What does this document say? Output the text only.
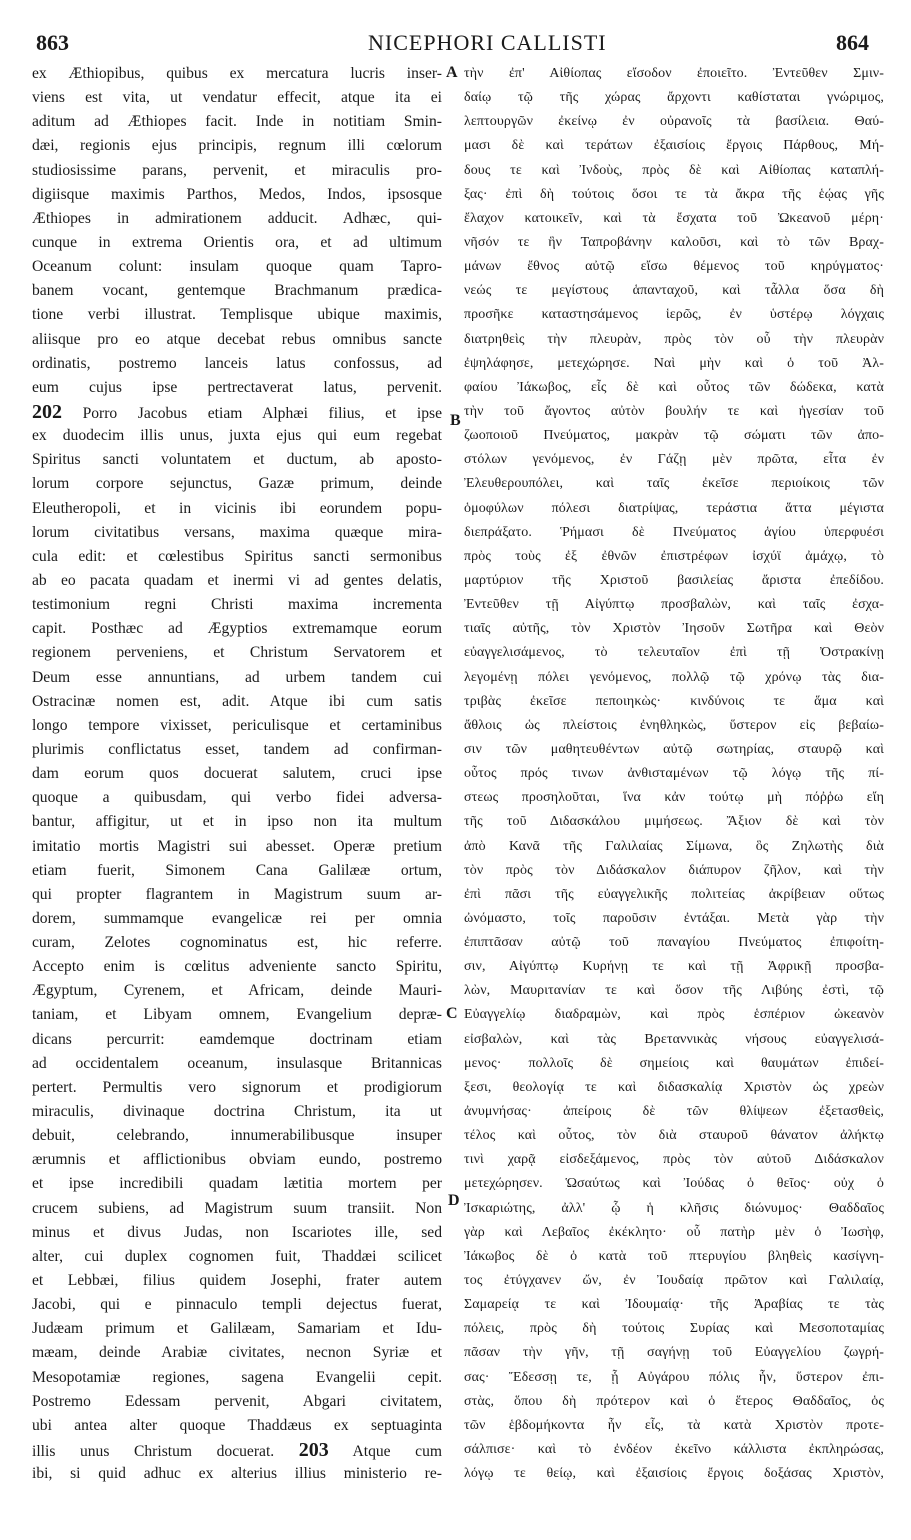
863	NICEPHORI CALLISTI	864
A
B
C
D
ex Æthiopibus, quibus ex mercatura lucris inser-
viens est vita, ut vendatur effecit, atque ita ei
aditum ad Æthiopes facit. Inde in notitiam Smin-
dæi, regionis ejus principis, regnum illi cœlorum
studiosissime parans, pervenit, et miraculis pro-
digiisque maximis Parthos, Medos, Indos, ipsosque
Æthiopes in admirationem adducit. Adhæc, qui-
cunque in extrema Orientis ora, et ad ultimum
Oceanum colunt: insulam quoque quam Tapro-
banem vocant, gentemque Brachmanum prædica-
tione verbi illustrat. Templisque ubique maximis,
aliisque pro eo atque decebat rebus omnibus sancte
ordinatis, postremo lanceis latus confossus, ad
eum cujus ipse pertrectaverat latus, pervenit.
202 Porro Jacobus etiam Alphæi filius, et ipse
ex duodecim illis unus, juxta ejus qui eum regebat
Spiritus sancti voluntatem et ductum, ab aposto-
lorum corpore sejunctus, Gazæ primum, deinde
Eleutheropoli, et in vicinis ibi eorundem popu-
lorum civitatibus versans, maxima quæque mira-
cula edit: et cœlestibus Spiritus sancti sermonibus
ab eo pacata quadam et inermi vi ad gentes delatis,
testimonium regni Christi maxima incrementa
capit. Posthæc ad Ægyptios extremamque eorum
regionem perveniens, et Christum Servatorem et
Deum esse annuntians, ad urbem tandem cui
Ostracinæ nomen est, adit. Atque ibi cum satis
longo tempore vixisset, periculisque et certaminibus
plurimis conflictatus esset, tandem ad confirman-
dam eorum quos docuerat salutem, cruci ipse
quoque a quibusdam, qui verbo fidei adversa-
bantur, affigitur, ut et in ipso non ita multum
imitatio mortis Magistri sui abesset. Operæ pretium
etiam fuerit, Simonem Cana Galilææ ortum,
qui propter flagrantem in Magistrum suum ar-
dorem, summamque evangelicæ rei per omnia
curam, Zelotes cognominatus est, hic referre.
Accepto enim is cœlitus adveniente sancto Spiritu,
Ægyptum, Cyrenem, et Africam, deinde Mauri-
taniam, et Libyam omnem, Evangelium depræ-
dicans percurrit: eamdemque doctrinam etiam
ad occidentalem oceanum, insulasque Britannicas
pertert. Permultis vero signorum et prodigiorum
miraculis, divinaque doctrina Christum, ita ut
debuit, celebrando, innumerabilibusque insuper
ærumnis et afflictionibus obviam eundo, postremo
et ipse incredibili quadam lætitia mortem per
crucem subiens, ad Magistrum suum transiit. Non
minus et divus Judas, non Iscariotes ille, sed
alter, cui duplex cognomen fuit, Thaddæi scilicet
et Lebbæi, filius quidem Josephi, frater autem
Jacobi, qui e pinnaculo templi dejectus fuerat,
Judæam primum et Galilæam, Samariam et Idu-
mæam, deinde Arabiæ civitates, necnon Syriæ et
Mesopotamiæ regiones, sagena Evangelii cepit.
Postremo Edessam pervenit, Abgari civitatem,
ubi antea alter quoque Thaddæus ex septuaginta
illis unus Christum docuerat. 203 Atque cum
ibi, si quid adhuc ex alterius illius ministerio re-
τὴν ἐπ' Αἰθίοπας εἴσοδον ἐποιεῖτο. Ἐντεῦθεν Σμιν-
δαίῳ τῷ τῆς χώρας ἄρχοντι καθίσταται γνώριμος,
λεπτουργῶν ἐκείνῳ ἐν οὐρανοῖς τὰ βασίλεια. Θαύ-
μασι δὲ καὶ τεράτων ἐξαισίοις ἔργοις Πάρθους, Μή-
δους τε καὶ Ἰνδοὺς, πρὸς δὲ καὶ Αἰθίοπας καταπλή-
ξας· ἐπὶ δὴ τούτοις ὅσοι τε τὰ ἄκρα τῆς ἑῴας γῆς
ἔλαχον κατοικεῖν, καὶ τὰ ἔσχατα τοῦ Ὠκεανοῦ μέρη·
νῆσόν τε ἣν Ταπροβάνην καλοῦσι, καὶ τὸ τῶν Βραχ-
μάνων ἔθνος αὐτῷ εἴσω θέμενος τοῦ κηρύγματος·
νεώς τε μεγίστους ἁπανταχοῦ, καὶ τἆλλα ὅσα δὴ
προσῆκε καταστησάμενος ἱερῶς, ἐν ὑστέρῳ λόγχαις
διατρηθεὶς τὴν πλευρὰν, πρὸς τὸν οὗ τὴν πλευρὰν
ἐψηλάφησε, μετεχώρησε. Ναὶ μὴν καὶ ὁ τοῦ Ἀλ-
φαίου Ἰάκωβος, εἷς δὲ καὶ οὗτος τῶν δώδεκα, κατὰ
τὴν τοῦ ἄγοντος αὐτὸν βουλήν τε καὶ ἡγεσίαν τοῦ
ζωοποιοῦ Πνεύματος, μακρὰν τῷ σώματι τῶν ἀπο-
στόλων γενόμενος, ἐν Γάζῃ μὲν πρῶτα, εἶτα ἐν
Ἐλευθερουπόλει, καὶ ταῖς ἐκεῖσε περιοίκοις τῶν
ὁμοφύλων πόλεσι διατρίψας, τεράστια ἅττα μέγιστα
διεπράξατο. Ῥήμασι δὲ Πνεύματος ἁγίου ὑπερφυέσι
πρὸς τοὺς ἐξ ἐθνῶν ἐπιστρέφων ἰσχύϊ ἀμάχῳ, τὸ
μαρτύριον τῆς Χριστοῦ βασιλείας ἄριστα ἐπεδίδου.
Ἐντεῦθεν τῇ Αἰγύπτῳ προσβαλὼν, καὶ ταῖς ἐσχα-
τιαῖς αὐτῆς, τὸν Χριστὸν Ἰησοῦν Σωτῆρα καὶ Θεὸν
εὐαγγελισάμενος, τὸ τελευταῖον ἐπὶ τῇ Ὀστρακίνῃ
λεγομένῃ πόλει γενόμενος, πολλῷ τῷ χρόνῳ τὰς δια-
τριβὰς ἐκεῖσε πεποιηκὼς· κινδύνοις τε ἅμα καὶ
ἄθλοις ὡς πλείστοις ἐνηθληκὼς, ὕστερον εἰς βεβαίω-
σιν τῶν μαθητευθέντων αὐτῷ σωτηρίας, σταυρῷ καὶ
οὗτος πρός τινων ἀνθισταμένων τῷ λόγῳ τῆς πί-
στεως προσηλοῦται, ἵνα κἀν τούτῳ μὴ πόῤῥω εἴη
τῆς τοῦ Διδασκάλου μιμήσεως. Ἄξιον δὲ καὶ τὸν
ἀπὸ Κανᾶ τῆς Γαλιλαίας Σίμωνα, ὃς Ζηλωτὴς διὰ
τὸν πρὸς τὸν Διδάσκαλον διάπυρον ζῆλον, καὶ τὴν
ἐπὶ πᾶσι τῆς εὐαγγελικῆς πολιτείας ἀκρίβειαν οὕτως
ὠνόμαστο, τοῖς παροῦσιν ἐντάξαι. Μετὰ γὰρ τὴν
ἐπιπτᾶσαν αὐτῷ τοῦ παναγίου Πνεύματος ἐπιφοίτη-
σιν, Αἰγύπτῳ Κυρήνῃ τε καὶ τῇ Ἀφρικῇ προσβα-
λὼν, Μαυριτανίαν τε καὶ ὅσον τῆς Λιβύης ἐστὶ, τῷ
Εὐαγγελίῳ διαδραμὼν, καὶ πρὸς ἑσπέριον ὠκεανὸν
εἰσβαλὼν, καὶ τὰς Βρεταννικὰς νήσους εὐαγγελισά-
μενος· πολλοῖς δὲ σημείοις καὶ θαυμάτων ἐπιδεί-
ξεσι, θεολογίᾳ τε καὶ διδασκαλίᾳ Χριστὸν ὡς χρεὼν
ἀνυμνήσας· ἀπείροις δὲ τῶν θλίψεων ἐξετασθεὶς,
τέλος καὶ οὗτος, τὸν διὰ σταυροῦ θάνατον ἀλήκτῳ
τινὶ χαρᾷ εἰσδεξάμενος, πρὸς τὸν αὐτοῦ Διδάσκαλον
μετεχώρησεν. Ὡσαύτως καὶ Ἰούδας ὁ θεῖος· οὐχ ὁ
Ἰσκαριώτης, ἀλλ' ᾧ ἡ κλῆσις διώνυμος· Θαδδαῖος
γὰρ καὶ Λεβαῖος ἐκέκλητο· οὗ πατὴρ μὲν ὁ Ἰωσὴφ,
Ἰάκωβος δὲ ὁ κατὰ τοῦ πτερυγίου βληθεὶς κασίγνη-
τος ἐτύγχανεν ὤν, ἐν Ἰουδαίᾳ πρῶτον καὶ Γαλιλαίᾳ,
Σαμαρείᾳ τε καὶ Ἰδουμαίᾳ· τῆς Ἀραβίας τε τὰς
πόλεις, πρὸς δὴ τούτοις Συρίας καὶ Μεσοποταμίας
πᾶσαν τὴν γῆν, τῇ σαγήνῃ τοῦ Εὐαγγελίου ζωγρή-
σας· Ἔδεσσῃ τε, ᾗ Αὐγάρου πόλις ἦν, ὕστερον ἐπι-
στὰς, ὅπου δὴ πρότερον καὶ ὁ ἕτερος Θαδδαῖος, ὁς
τῶν ἑβδομήκοντα ἦν εἷς, τὰ κατὰ Χριστὸν προτε-
σάλπισε· καὶ τὸ ἐνδέον ἐκεῖνο κάλλιστα ἐκπληρώσας,
λόγῳ τε θείῳ, καὶ ἐξαισίοις ἔργοις δοξάσας Χριστὸν,
